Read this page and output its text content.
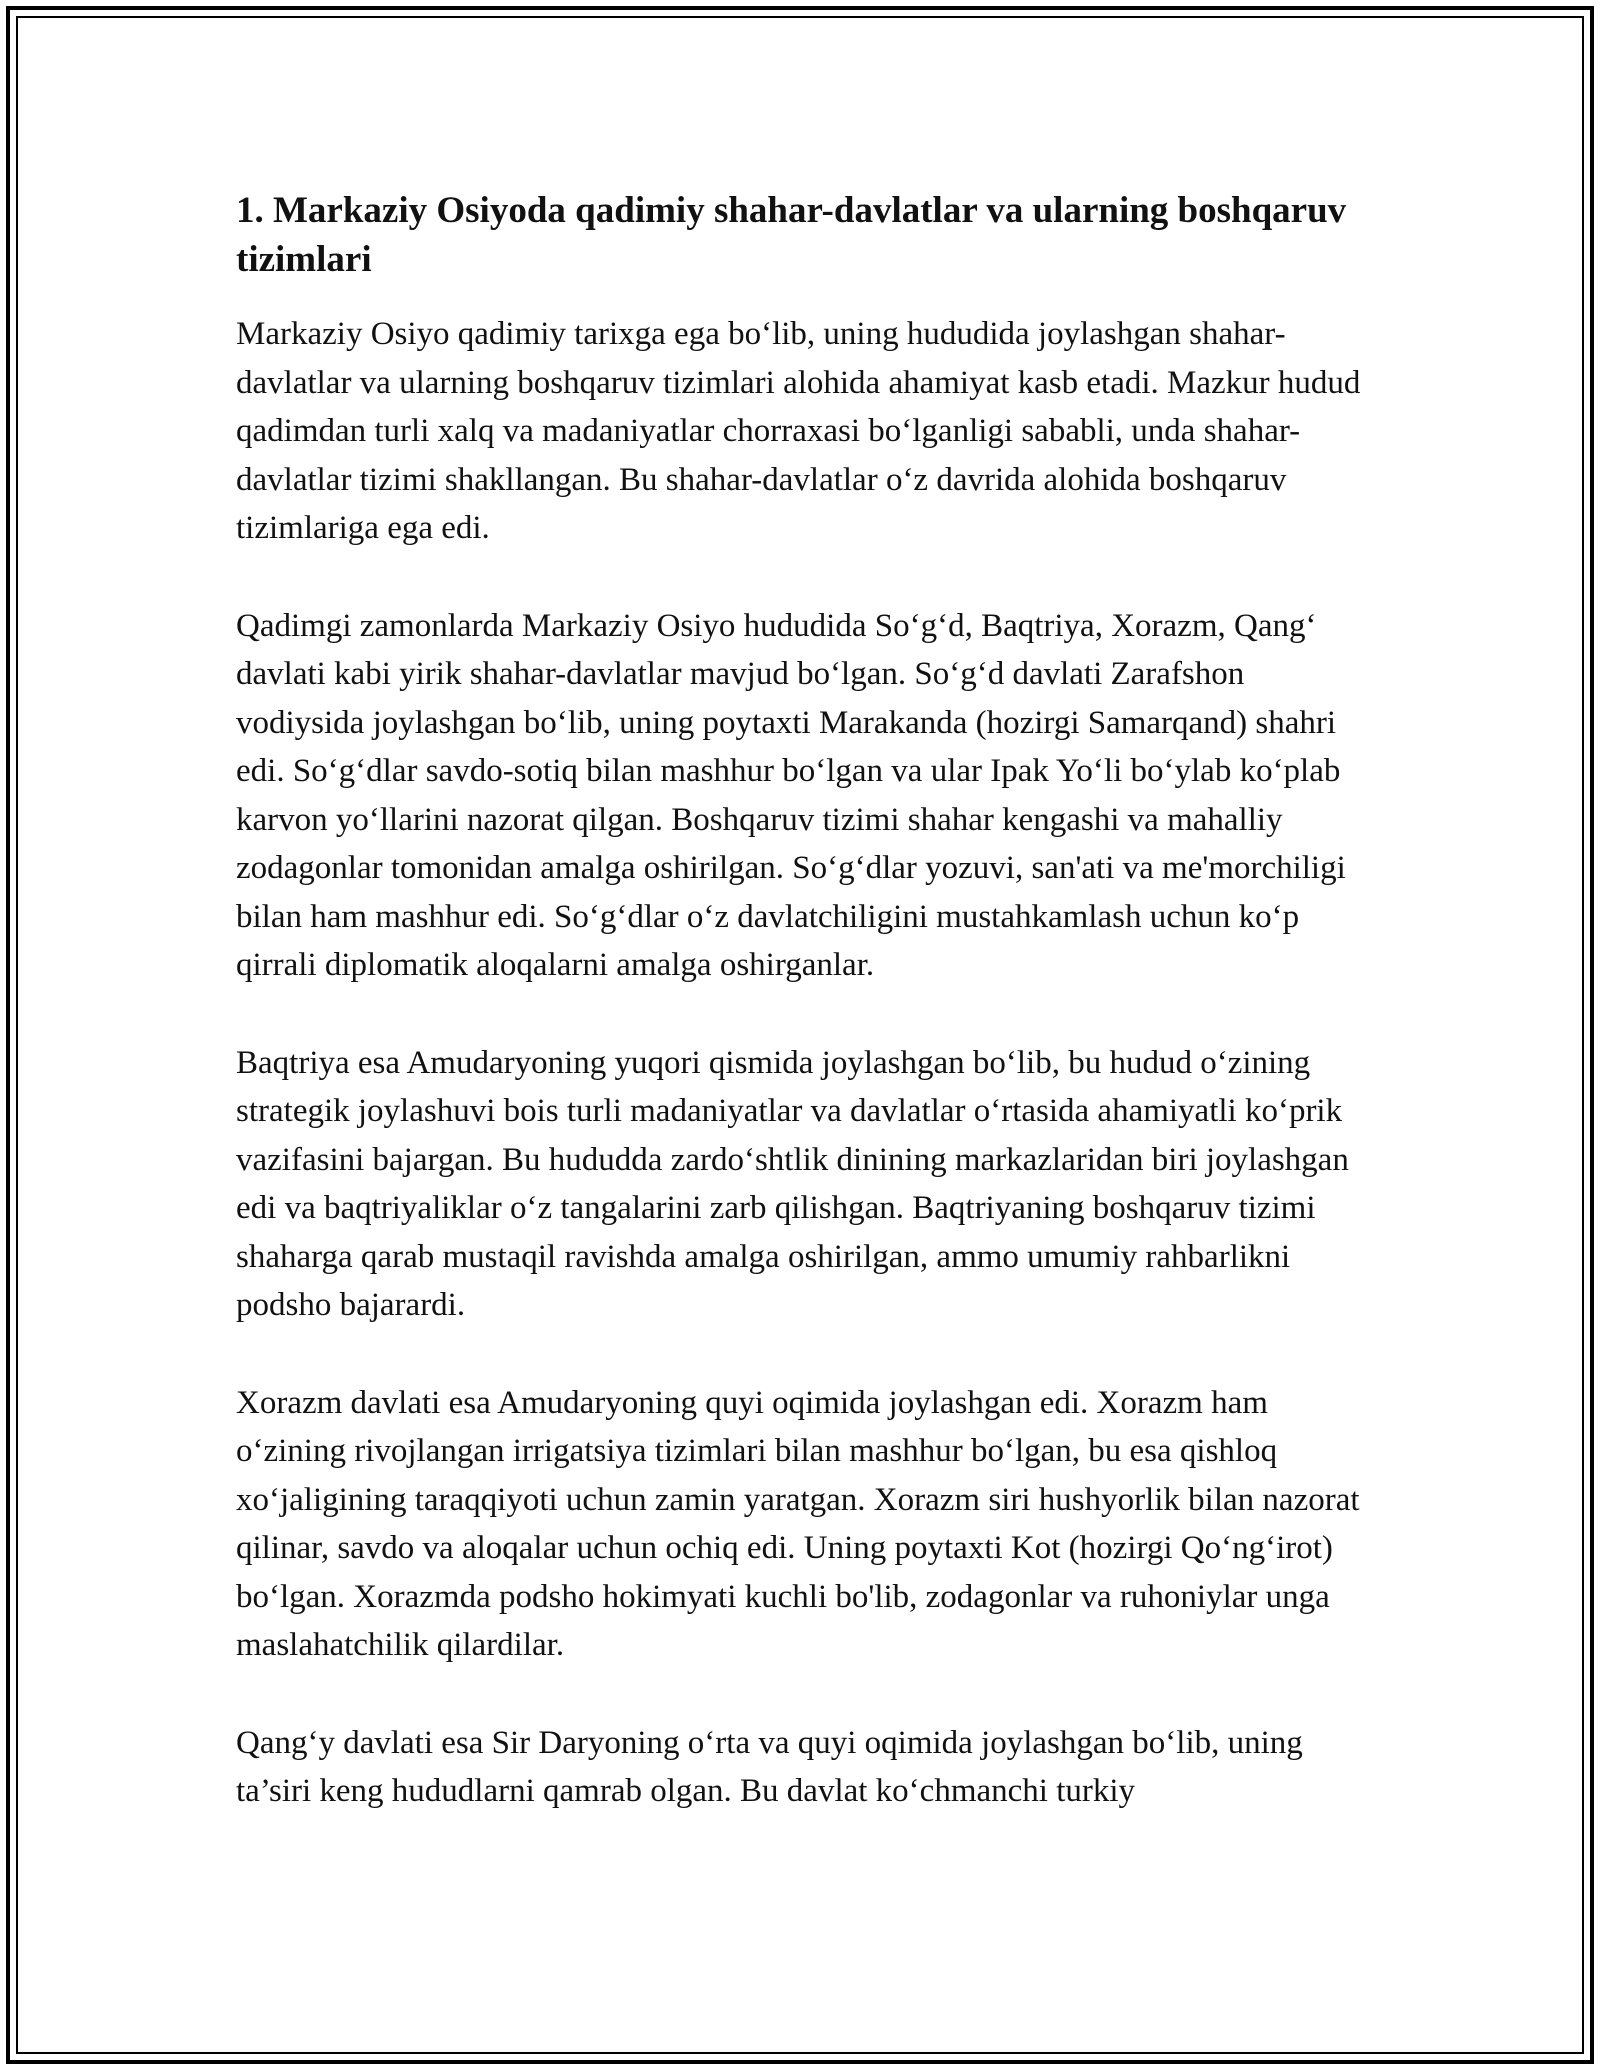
1. Markaziy Osiyoda qadimiy shahar-davlatlar va ularning boshqaruv tizimlari

Markaziy Osiyo qadimiy tarixga ega bo‘lib, uning hududida joylashgan shahar-davlatlar va ularning boshqaruv tizimlari alohida ahamiyat kasb etadi. Mazkur hudud qadimdan turli xalq va madaniyatlar chorraxasi bo‘lganligi sababli, unda shahar-davlatlar tizimi shakllangan. Bu shahar-davlatlar o‘z davrida alohida boshqaruv tizimlariga ega edi.

Qadimgi zamonlarda Markaziy Osiyo hududida So‘g‘d, Baqtriya, Xorazm, Qang‘ davlati kabi yirik shahar-davlatlar mavjud bo‘lgan. So‘g‘d davlati Zarafshon vodiysida joylashgan bo‘lib, uning poytaxti Marakanda (hozirgi Samarqand) shahri edi. So‘g‘dlar savdo-sotiq bilan mashhur bo‘lgan va ular Ipak Yo‘li bo‘ylab ko‘plab karvon yo‘llarini nazorat qilgan. Boshqaruv tizimi shahar kengashi va mahalliy zodagonlar tomonidan amalga oshirilgan. So‘g‘dlar yozuvi, san'ati va me'morchiligi bilan ham mashhur edi. So‘g‘dlar o‘z davlatchiligini mustahkamlash uchun ko‘p qirrali diplomatik aloqalarni amalga oshirganlar.

Baqtriya esa Amudaryoning yuqori qismida joylashgan bo‘lib, bu hudud o‘zining strategik joylashuvi bois turli madaniyatlar va davlatlar o‘rtasida ahamiyatli ko‘prik vazifasini bajargan. Bu hududda zardo‘shtlik dinining markazlaridan biri joylashgan edi va baqtriyaliklar o‘z tangalarini zarb qilishgan. Baqtriyaning boshqaruv tizimi shaharga qarab mustaqil ravishda amalga oshirilgan, ammo umumiy rahbarlikni podsho bajarardi.

Xorazm davlati esa Amudaryoning quyi oqimida joylashgan edi. Xorazm ham o‘zining rivojlangan irrigatsiya tizimlari bilan mashhur bo‘lgan, bu esa qishloq xo‘jaligining taraqqiyoti uchun zamin yaratgan. Xorazm siri hushyorlik bilan nazorat qilinar, savdo va aloqalar uchun ochiq edi. Uning poytaxti Kot (hozirgi Qo‘ng‘irot) bo‘lgan. Xorazmda podsho hokimyati kuchli bo'lib, zodagonlar va ruhoniylar unga maslahatchilik qilardilar.

Qang‘y davlati esa Sir Daryoning o‘rta va quyi oqimida joylashgan bo‘lib, uning ta’siri keng hududlarni qamrab olgan. Bu davlat ko‘chmanchi turkiy
